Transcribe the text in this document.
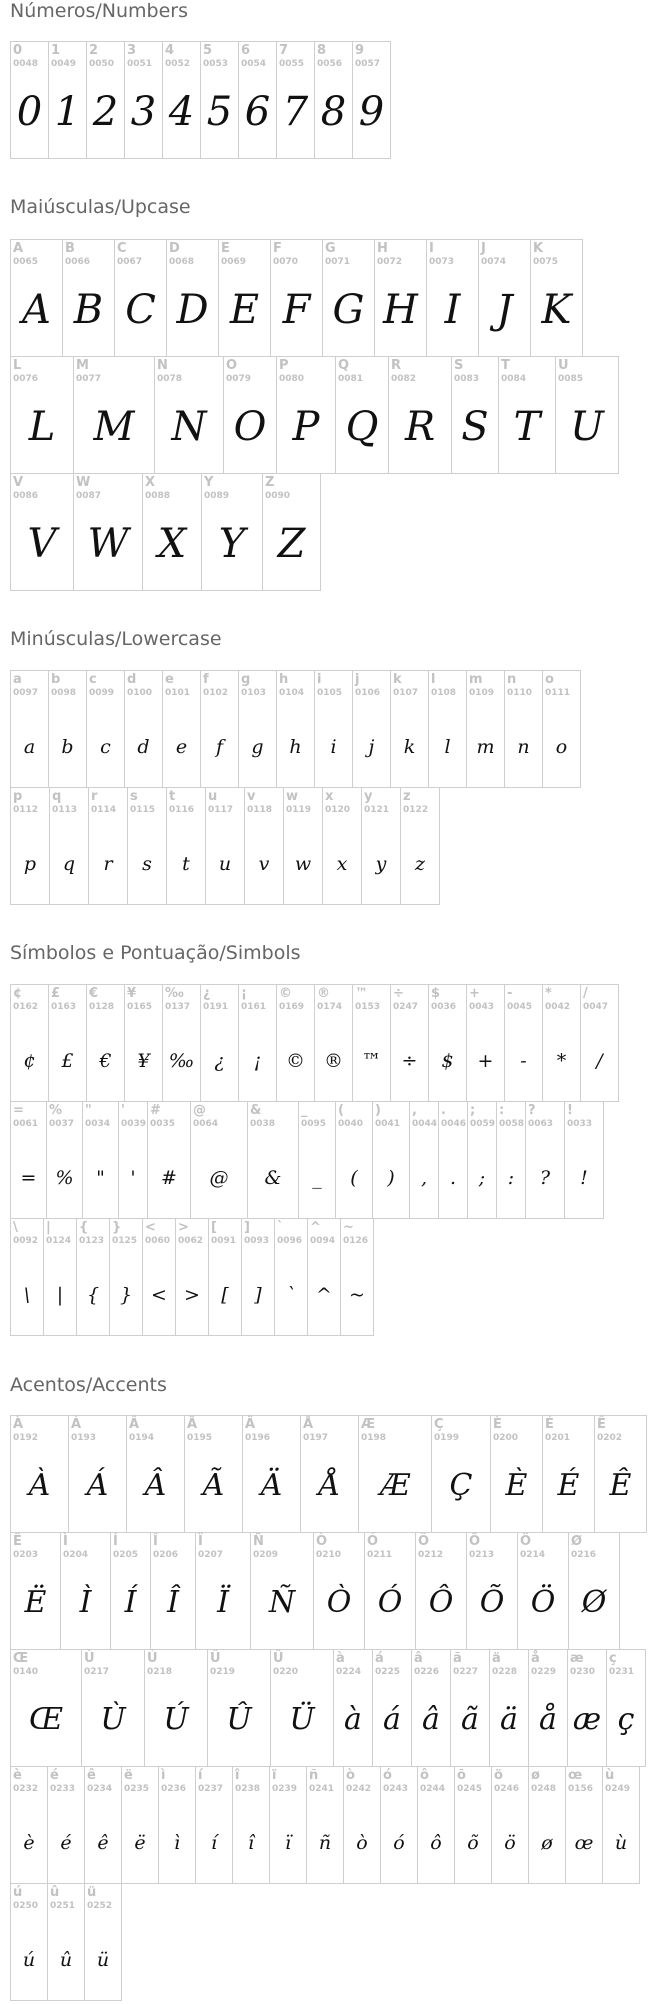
Números/Numbers
Maiúsculas/Upcase
Minúsculas/Lowercase
Símbolos e Pontuação/Simbols
Acentos/Accents
0
0048
0
1
0049
1
2
0050
2
3
0051
3
4
0052
4
5
0053
5
6
0054
6
7
0055
7
8
0056
8
9
0057
9
A
0065
A
B
0066
B
C
0067
C
D
0068
D
E
0069
E
F
0070
F
G
0071
G
H
0072
H
I
0073
I
J
0074
J
K
0075
K
L
0076
L
M
0077
M
N
0078
N
O
0079
O
P
0080
P
Q
0081
Q
R
0082
R
S
0083
S
T
0084
T
U
0085
U
V
0086
V
W
0087
W
X
0088
X
Y
0089
Y
Z
0090
Z
a
0097
a
b
0098
b
c
0099
c
d
0100
d
e
0101
e
f
0102
f
g
0103
g
h
0104
h
i
0105
i
j
0106
j
k
0107
k
l
0108
l
m
0109
m
n
0110
n
o
0111
o
p
0112
p
q
0113
q
r
0114
r
s
0115
s
t
0116
t
u
0117
u
v
0118
v
w
0119
w
x
0120
x
y
0121
y
z
0122
z
¢
0162
¢
£
0163
£
€
0128
€
¥
0165
¥
‰
0137
‰
¿
0191
¿
¡
0161
¡
©
0169
©
®
0174
®
™
0153
™
÷
0247
÷
$
0036
$
+
0043
+
-
0045
-
*
0042
*
/
0047
/
=
0061
=
%
0037
%
"
0034
"
'
0039
'
#
0035
#
@
0064
@
&
0038
&
_
0095
_
(
0040
(
)
0041
)
,
0044
,
.
0046
.
;
0059
;
:
0058
:
?
0063
?
!
0033
!
\
0092
\
|
0124
|
{
0123
{
}
0125
}
<
0060
<
>
0062
>
[
0091
[
]
0093
]
`
0096
`
^
0094
^
~
0126
~
À
0192
À
Á
0193
Á
Â
0194
Â
Ã
0195
Ã
Ä
0196
Ä
Å
0197
Å
Æ
0198
Æ
Ç
0199
Ç
È
0200
È
É
0201
É
Ê
0202
Ê
Ë
0203
Ë
Ì
0204
Ì
Í
0205
Í
Î
0206
Î
Ï
0207
Ï
Ñ
0209
Ñ
Ò
0210
Ò
Ó
0211
Ó
Ô
0212
Ô
Õ
0213
Õ
Ö
0214
Ö
Ø
0216
Ø
Œ
0140
Œ
Ù
0217
Ù
Ú
0218
Ú
Û
0219
Û
Ü
0220
Ü
à
0224
à
á
0225
á
â
0226
â
ã
0227
ã
ä
0228
ä
å
0229
å
æ
0230
æ
ç
0231
ç
è
0232
è
é
0233
é
ê
0234
ê
ë
0235
ë
ì
0236
ì
í
0237
í
î
0238
î
ï
0239
ï
ñ
0241
ñ
ò
0242
ò
ó
0243
ó
ô
0244
ô
õ
0245
õ
ö
0246
ö
ø
0248
ø
œ
0156
œ
ù
0249
ù
ú
0250
ú
û
0251
û
ü
0252
ü
